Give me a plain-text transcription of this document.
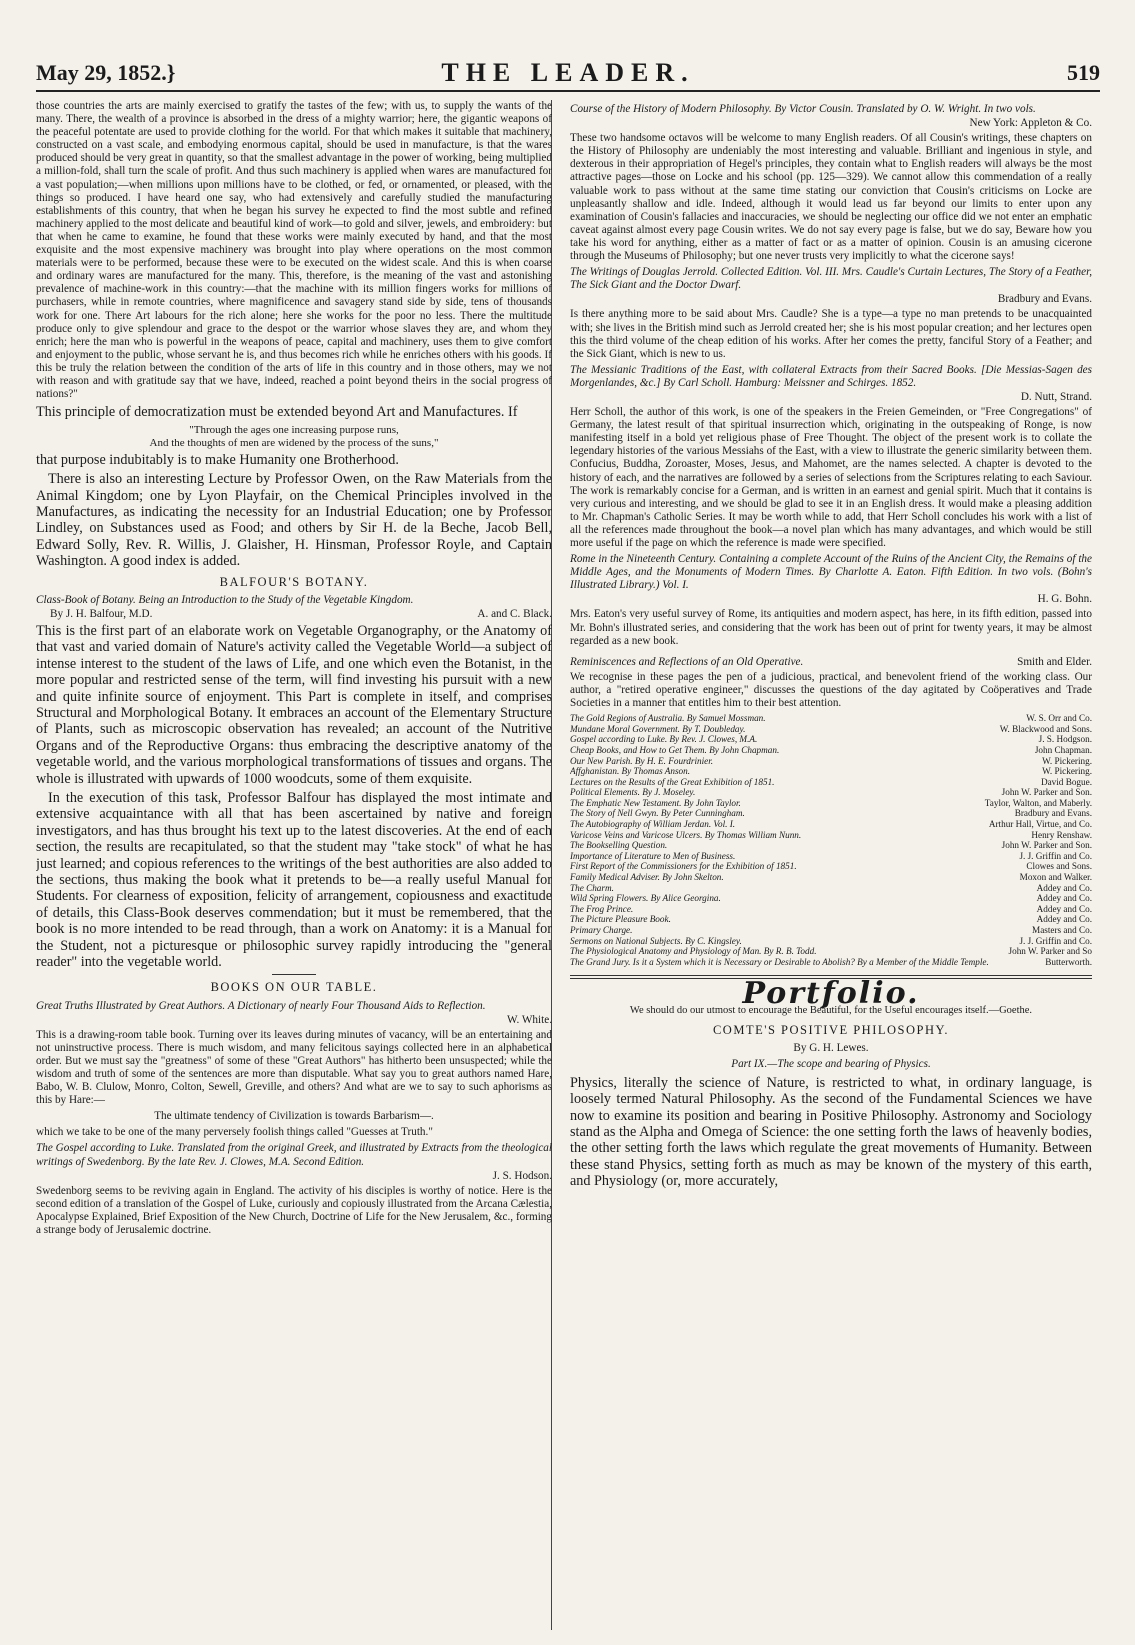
May 29, 1852.}	THE LEADER.	519

those countries the arts are mainly exercised to gratify the tastes of the few; with us, to supply the wants of the many. There, the wealth of a province is absorbed in the dress of a mighty warrior; here, the gigantic weapons of the peaceful potentate are used to provide clothing for the world. For that which makes it suitable that machinery, constructed on a vast scale, and embodying enormous capital, should be used in manufacture, is that the wares produced should be very great in quantity, so that the smallest advantage in the power of working, being multiplied a million-fold, shall turn the scale of profit. And thus such machinery is applied when wares are manufactured for a vast population;—when millions upon millions have to be clothed, or fed, or ornamented, or pleased, with the things so produced. I have heard one say, who had extensively and carefully studied the manufacturing establishments of this country, that when he began his survey he expected to find the most subtle and refined machinery applied to the most delicate and beautiful kind of work—to gold and silver, jewels, and embroidery: but that when he came to examine, he found that these works were mainly executed by hand, and that the most exquisite and the most expensive machinery was brought into play where operations on the most common materials were to be performed, because these were to be executed on the widest scale. And this is when coarse and ordinary wares are manufactured for the many. This, therefore, is the meaning of the vast and astonishing prevalence of machine-work in this country:—that the machine with its million fingers works for millions of purchasers, while in remote countries, where magnificence and savagery stand side by side, tens of thousands work for one. There Art labours for the rich alone; here she works for the poor no less. There the multitude produce only to give splendour and grace to the despot or the warrior whose slaves they are, and whom they enrich; here the man who is powerful in the weapons of peace, capital and machinery, uses them to give comfort and enjoyment to the public, whose servant he is, and thus becomes rich while he enriches others with his goods. If this be truly the relation between the condition of the arts of life in this country and in those others, may we not with reason and with gratitude say that we have, indeed, reached a point beyond theirs in the social progress of nations?"

This principle of democratization must be extended beyond Art and Manufactures. If

"Through the ages one increasing purpose runs,
And the thoughts of men are widened by the process of the suns,"

that purpose indubitably is to make Humanity one Brotherhood.

There is also an interesting Lecture by Professor Owen, on the Raw Materials from the Animal Kingdom; one by Lyon Playfair, on the Chemical Principles involved in the Manufactures, as indicating the necessity for an Industrial Education; one by Professor Lindley, on Substances used as Food; and others by Sir H. de la Beche, Jacob Bell, Edward Solly, Rev. R. Willis, J. Glaisher, H. Hinsman, Professor Royle, and Captain Washington. A good index is added.

BALFOUR'S BOTANY.

Class-Book of Botany. Being an Introduction to the Study of the Vegetable Kingdom.

By J. H. Balfour, M.D.	A. and C. Black.

This is the first part of an elaborate work on Vegetable Organography, or the Anatomy of that vast and varied domain of Nature's activity called the Vegetable World—a subject of intense interest to the student of the laws of Life, and one which even the Botanist, in the more popular and restricted sense of the term, will find investing his pursuit with a new and quite infinite source of enjoyment. This Part is complete in itself, and comprises Structural and Morphological Botany. It embraces an account of the Elementary Structure of Plants, such as microscopic observation has revealed; an account of the Nutritive Organs and of the Reproductive Organs: thus embracing the descriptive anatomy of the vegetable world, and the various morphological transformations of tissues and organs. The whole is illustrated with upwards of 1000 woodcuts, some of them exquisite.

In the execution of this task, Professor Balfour has displayed the most intimate and extensive acquaintance with all that has been ascertained by native and foreign investigators, and has thus brought his text up to the latest discoveries. At the end of each section, the results are recapitulated, so that the student may "take stock" of what he has just learned; and copious references to the writings of the best authorities are also added to the sections, thus making the book what it pretends to be—a really useful Manual for Students. For clearness of exposition, felicity of arrangement, copiousness and exactitude of details, this Class-Book deserves commendation; but it must be remembered, that the book is no more intended to be read through, than a work on Anatomy: it is a Manual for the Student, not a picturesque or philosophic survey rapidly introducing the "general reader" into the vegetable world.

BOOKS ON OUR TABLE.

Great Truths Illustrated by Great Authors. A Dictionary of nearly Four Thousand Aids to Reflection.

W. White.

This is a drawing-room table book. Turning over its leaves during minutes of vacancy, will be an entertaining and not uninstructive process. There is much wisdom, and many felicitous sayings collected here in an alphabetical order. But we must say the "greatness" of some of these "Great Authors" has hitherto been unsuspected; while the wisdom and truth of some of the sentences are more than disputable. What say you to great authors named Hare, Babo, W. B. Clulow, Monro, Colton, Sewell, Greville, and others? And what are we to say to such aphorisms as this by Hare:—

The ultimate tendency of Civilization is towards Barbarism—.

which we take to be one of the many perversely foolish things called "Guesses at Truth."

The Gospel according to Luke. Translated from the original Greek, and illustrated by Extracts from the theological writings of Swedenborg. By the late Rev. J. Clowes, M.A. Second Edition.

J. S. Hodson.

Swedenborg seems to be reviving again in England. The activity of his disciples is worthy of notice. Here is the second edition of a translation of the Gospel of Luke, curiously and copiously illustrated from the Arcana Cælestia, Apocalypse Explained, Brief Exposition of the New Church, Doctrine of Life for the New Jerusalem, &c., forming a strange body of Jerusalemic doctrine.

Course of the History of Modern Philosophy. By Victor Cousin. Translated by O. W. Wright. In two vols.

New York: Appleton & Co.

These two handsome octavos will be welcome to many English readers. Of all Cousin's writings, these chapters on the History of Philosophy are undeniably the most interesting and valuable. Brilliant and ingenious in style, and dexterous in their appropriation of Hegel's principles, they contain what to English readers will always be the most attractive pages—those on Locke and his school (pp. 125—329). We cannot allow this commendation of a really valuable work to pass without at the same time stating our conviction that Cousin's criticisms on Locke are unpleasantly shallow and idle. Indeed, although it would lead us far beyond our limits to enter upon any examination of Cousin's fallacies and inaccuracies, we should be neglecting our office did we not enter an emphatic caveat against almost every page Cousin writes. We do not say every page is false, but we do say, Beware how you take his word for anything, either as a matter of fact or as a matter of opinion. Cousin is an amusing cicerone through the Museums of Philosophy; but one never trusts very implicitly to what the cicerone says!

The Writings of Douglas Jerrold. Collected Edition. Vol. III. Mrs. Caudle's Curtain Lectures, The Story of a Feather, The Sick Giant and the Doctor Dwarf.

Bradbury and Evans.

Is there anything more to be said about Mrs. Caudle? She is a type—a type no man pretends to be unacquainted with; she lives in the British mind such as Jerrold created her; she is his most popular creation; and her lectures open this the third volume of the cheap edition of his works. After her comes the pretty, fanciful Story of a Feather; and the Sick Giant, which is new to us.

The Messianic Traditions of the East, with collateral Extracts from their Sacred Books. [Die Messias-Sagen des Morgenlandes, &c.] By Carl Scholl. Hamburg: Meissner and Schirges. 1852.

D. Nutt, Strand.

Herr Scholl, the author of this work, is one of the speakers in the Freien Gemeinden, or "Free Congregations" of Germany, the latest result of that spiritual insurrection which, originating in the outspeaking of Ronge, is now manifesting itself in a bold yet religious phase of Free Thought. The object of the present work is to collate the legendary histories of the various Messiahs of the East, with a view to illustrate the generic similarity between them. Confucius, Buddha, Zoroaster, Moses, Jesus, and Mahomet, are the names selected. A chapter is devoted to the history of each, and the narratives are followed by a series of selections from the Scriptures relating to each Saviour. The work is remarkably concise for a German, and is written in an earnest and genial spirit. Much that it contains is very curious and interesting, and we should be glad to see it in an English dress. It would make a pleasing addition to Mr. Chapman's Catholic Series. It may be worth while to add, that Herr Scholl concludes his work with a list of all the references made throughout the book—a novel plan which has many advantages, and which would be still more useful if the page on which the reference is made were specified.

Rome in the Nineteenth Century. Containing a complete Account of the Ruins of the Ancient City, the Remains of the Middle Ages, and the Monuments of Modern Times. By Charlotte A. Eaton. Fifth Edition. In two vols. (Bohn's Illustrated Library.) Vol. I.

H. G. Bohn.

Mrs. Eaton's very useful survey of Rome, its antiquities and modern aspect, has here, in its fifth edition, passed into Mr. Bohn's illustrated series, and considering that the work has been out of print for twenty years, it may be almost regarded as a new book.

Reminiscences and Reflections of an Old Operative.	Smith and Elder.

We recognise in these pages the pen of a judicious, practical, and benevolent friend of the working class. Our author, a "retired operative engineer," discusses the questions of the day agitated by Coöperatives and Trade Societies in a manner that entitles him to their best attention.

The Gold Regions of Australia. By Samuel Mossman.	W. S. Orr and Co.
Mundane Moral Government. By T. Doubleday.	W. Blackwood and Sons.
Gospel according to Luke. By Rev. J. Clowes, M.A.	J. S. Hodgson.
Cheap Books, and How to Get Them. By John Chapman.	John Chapman.
Our New Parish. By H. E. Fourdrinier.	W. Pickering.
Affghanistan. By Thomas Anson.	W. Pickering.
Lectures on the Results of the Great Exhibition of 1851.	David Bogue.
Political Elements. By J. Moseley.	John W. Parker and Son.
The Emphatic New Testament. By John Taylor.	Taylor, Walton, and Maberly.
The Story of Nell Gwyn. By Peter Cunningham.	Bradbury and Evans.
The Autobiography of William Jerdan. Vol. I.	Arthur Hall, Virtue, and Co.
Varicose Veins and Varicose Ulcers. By Thomas William Nunn.	Henry Renshaw.
The Bookselling Question.	John W. Parker and Son.
Importance of Literature to Men of Business.	J. J. Griffin and Co.
First Report of the Commissioners for the Exhibition of 1851.	Clowes and Sons.
Family Medical Adviser. By John Skelton.	Moxon and Walker.
The Charm.	Addey and Co.
Wild Spring Flowers. By Alice Georgina.	Addey and Co.
The Frog Prince.	Addey and Co.
The Picture Pleasure Book.	Addey and Co.
Primary Charge.	Masters and Co.
Sermons on National Subjects. By C. Kingsley.	J. J. Griffin and Co.
The Physiological Anatomy and Physiology of Man. By R. B. Todd.	John W. Parker and So
The Grand Jury. Is it a System which it is Necessary or Desirable to Abolish? By a Member of the Middle Temple.	Butterworth.
Portfolio.

We should do our utmost to encourage the Beautiful, for the Useful encourages itself.—Goethe.

COMTE'S POSITIVE PHILOSOPHY.

By G. H. Lewes.

Part IX.—The scope and bearing of Physics.

Physics, literally the science of Nature, is restricted to what, in ordinary language, is loosely termed Natural Philosophy. As the second of the Fundamental Sciences we have now to examine its position and bearing in Positive Philosophy. Astronomy and Sociology stand as the Alpha and Omega of Science: the one setting forth the laws of heavenly bodies, the other setting forth the laws which regulate the great movements of Humanity. Between these stand Physics, setting forth as much as may be known of the mystery of this earth, and Physiology (or, more accurately,
